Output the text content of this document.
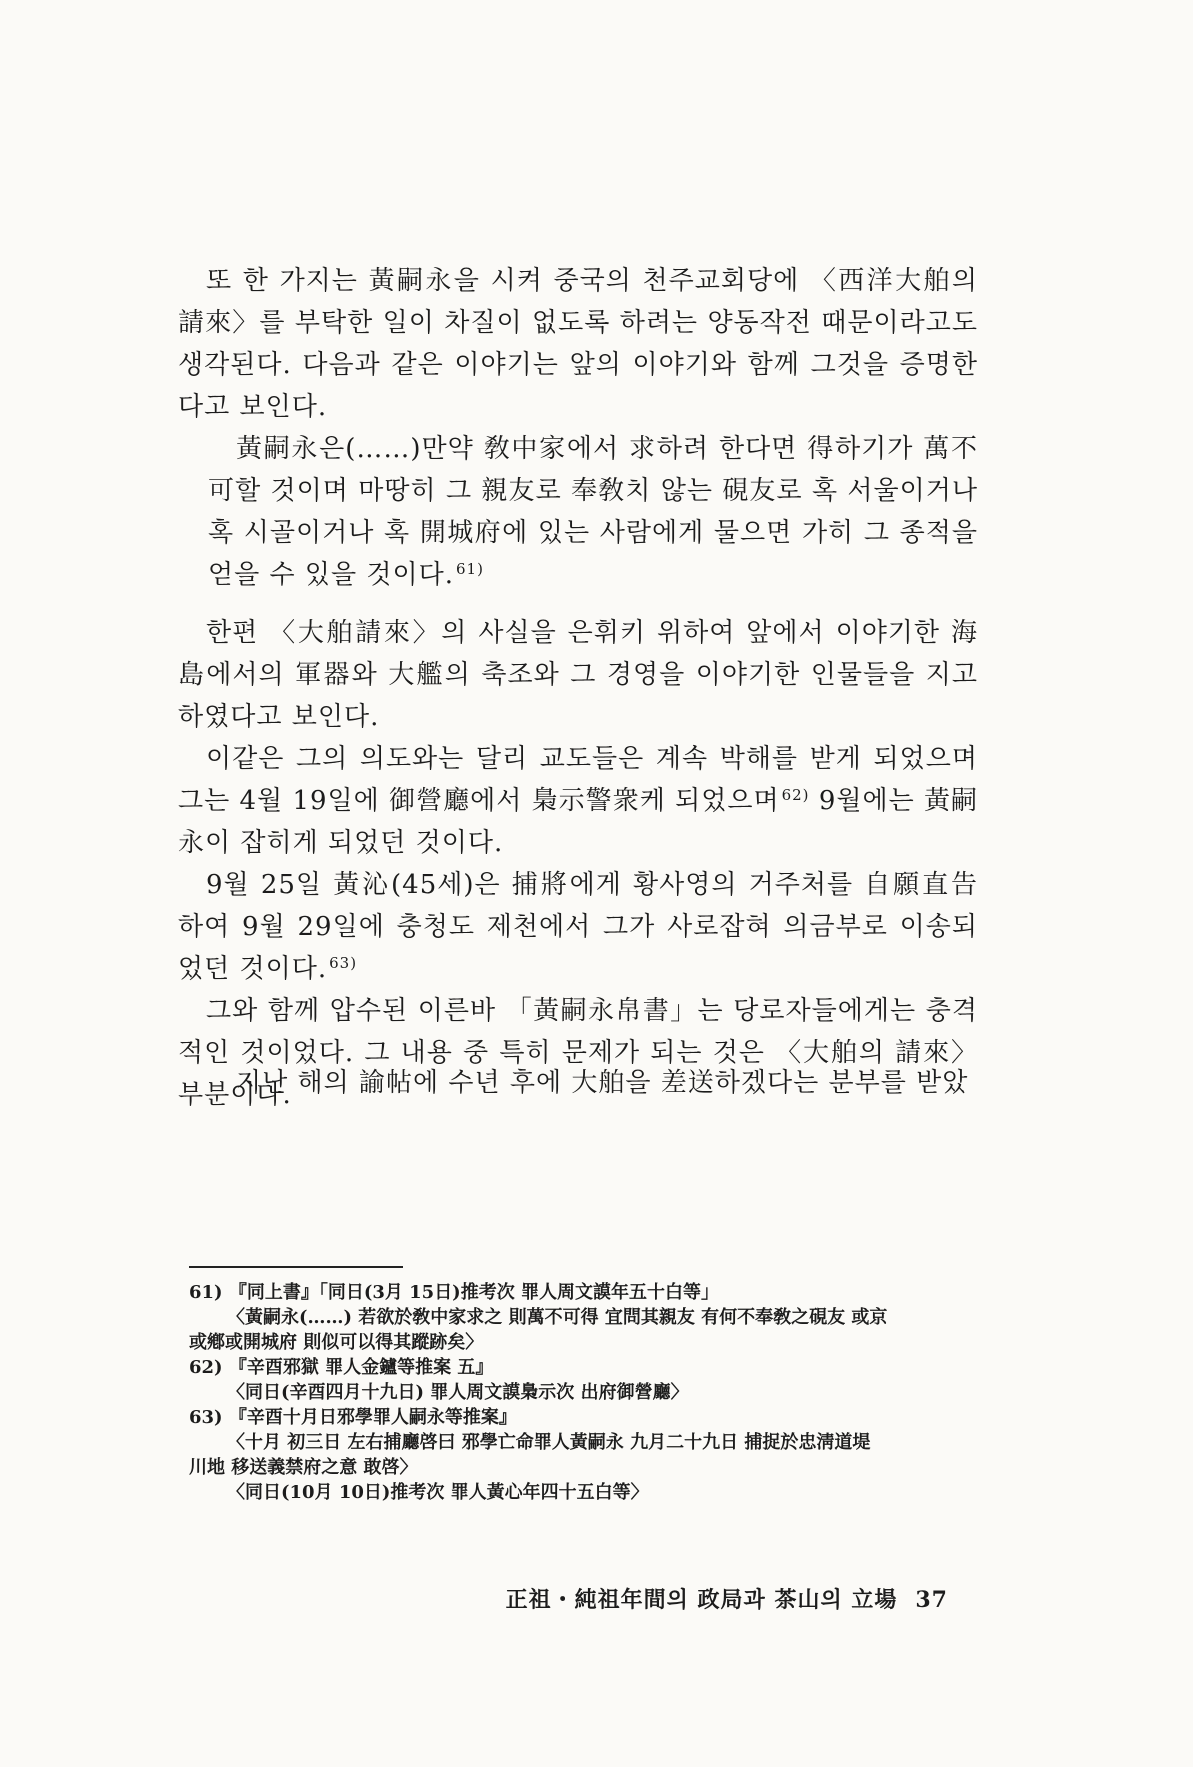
또 한 가지는 黃嗣永을 시켜 중국의 천주교회당에 〈西洋大舶의 請來〉를 부탁한 일이 차질이 없도록 하려는 양동작전 때문이라고도 생각된다. 다음과 같은 이야기는 앞의 이야기와 함께 그것을 증명한다고 보인다.

黃嗣永은(……)만약 敎中家에서 求하려 한다면 得하기가 萬不可할 것이며 마땅히 그 親友로 奉敎치 않는 硯友로 혹 서울이거나 혹 시골이거나 혹 開城府에 있는 사람에게 물으면 가히 그 종적을 얻을 수 있을 것이다. $^{61)}$

한편 〈大舶請來〉의 사실을 은휘키 위하여 앞에서 이야기한 海島에서의 軍器와 大艦의 축조와 그 경영을 이야기한 인물들을 지고하였다고 보인다.

이같은 그의 의도와는 달리 교도들은 계속 박해를 받게 되었으며 그는 4월 19일에 御營廳에서 梟示警衆케 되었으며 $^{62)}$ 9월에는 黃嗣永이 잡히게 되었던 것이다.

9월 25일 黃沁(45세)은 捕將에게 황사영의 거주처를 自願直告하여 9월 29일에 충청도 제천에서 그가 사로잡혀 의금부로 이송되었던 것이다. $^{63)}$

그와 함께 압수된 이른바 「黃嗣永帛書」는 당로자들에게는 충격적인 것이었다. 그 내용 중 특히 문제가 되는 것은 〈大舶의 請來〉 부분이다.

지난 해의 諭帖에 수년 후에 大舶을 差送하겠다는 분부를 받았

61) 『同上書』「同日(3月 15日)推考次 罪人周文謨年五十白等」

〈黃嗣永(……) 若欲於敎中家求之 則萬不可得 宜問其親友 有何不奉敎之硯友 或京

或鄕或開城府 則似可以得其蹤跡矣〉

62) 『辛酉邪獄 罪人金鑪等推案 五』

〈同日(辛酉四月十九日) 罪人周文謨梟示次 出府御營廳〉

63) 『辛酉十月日邪學罪人嗣永等推案』

〈十月 初三日 左右捕廳啓曰 邪學亡命罪人黃嗣永 九月二十九日 捕捉於忠淸道堤

川地 移送義禁府之意 敢啓〉

〈同日(10月 10日)推考次 罪人黃心年四十五白等〉

正祖・純祖年間의 政局과 茶山의 立場 37
